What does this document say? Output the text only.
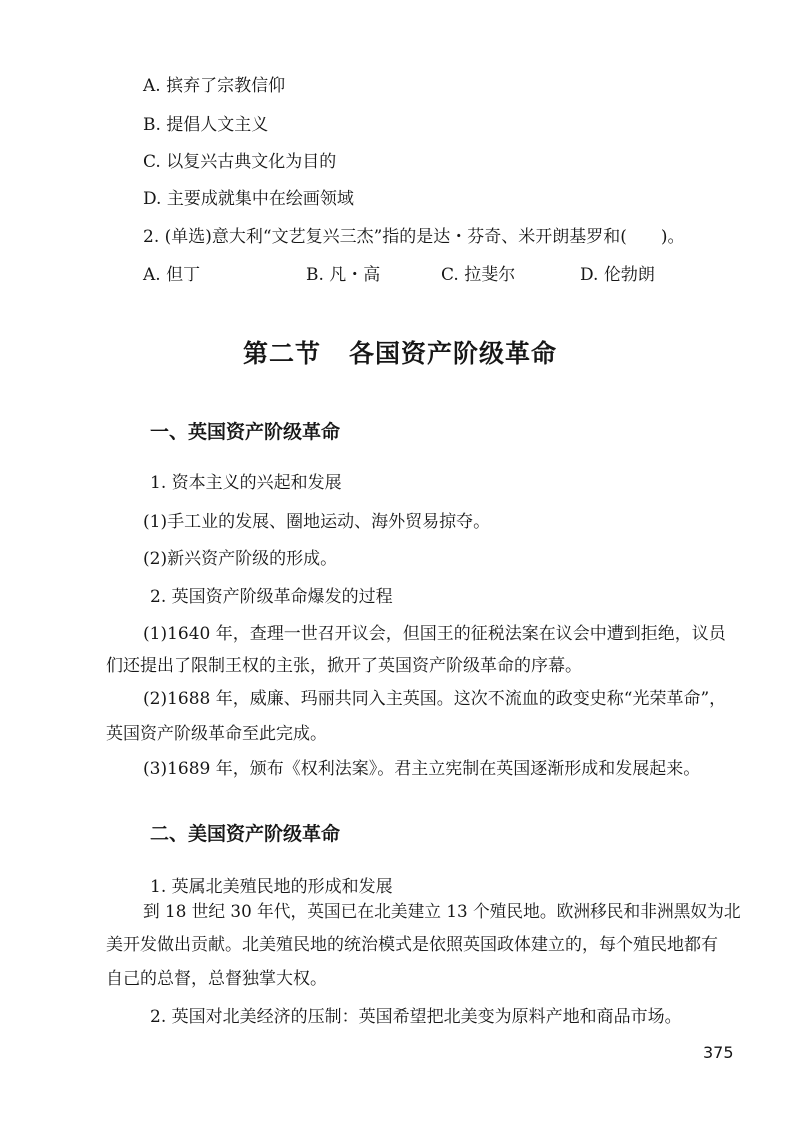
A. 摈弃了宗教信仰

B. 提倡人文主义

C. 以复兴古典文化为目的

D. 主要成就集中在绘画领域

2. (单选)意大利“文艺复兴三杰”指的是达・芬奇、米开朗基罗和(　　)。

A. 但丁	B. 凡・高	C. 拉斐尔	D. 伦勃朗
第二节 各国资产阶级革命
一、英国资产阶级革命

1. 资本主义的兴起和发展

(1)手工业的发展、圈地运动、海外贸易掠夺。

(2)新兴资产阶级的形成。

2. 英国资产阶级革命爆发的过程

(1)1640 年，查理一世召开议会，但国王的征税法案在议会中遭到拒绝，议员

们还提出了限制王权的主张，掀开了英国资产阶级革命的序幕。

(2)1688 年，威廉、玛丽共同入主英国。这次不流血的政变史称“光荣革命”，

英国资产阶级革命至此完成。

(3)1689 年，颁布《权利法案》。君主立宪制在英国逐渐形成和发展起来。

二、美国资产阶级革命

1. 英属北美殖民地的形成和发展

到 18 世纪 30 年代，英国已在北美建立 13 个殖民地。欧洲移民和非洲黑奴为北

美开发做出贡献。北美殖民地的统治模式是依照英国政体建立的，每个殖民地都有

自己的总督，总督独掌大权。

2. 英国对北美经济的压制：英国希望把北美变为原料产地和商品市场。

375
